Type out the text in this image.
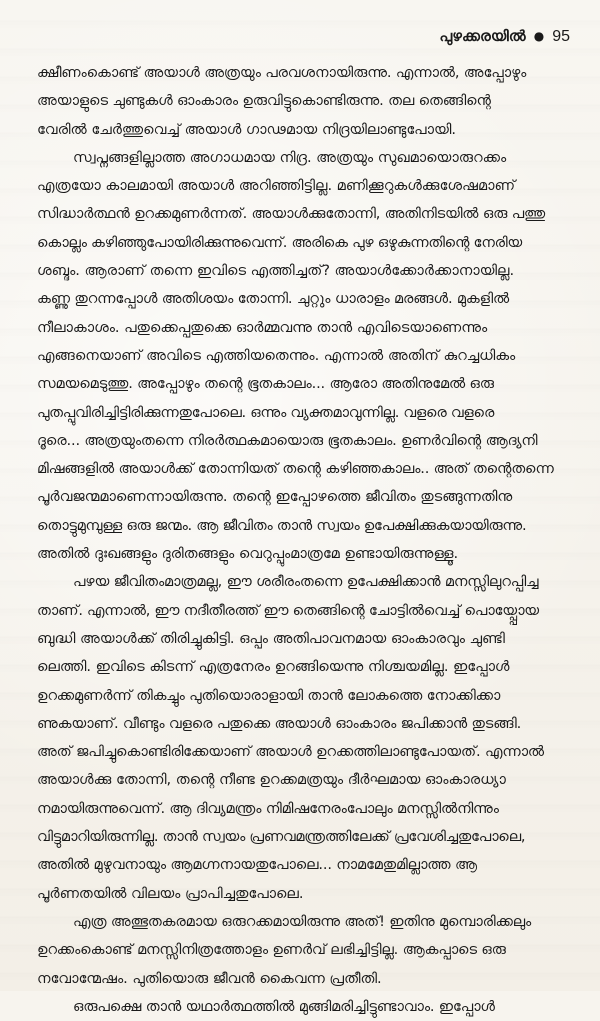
പുഴക്കരയിൽ ● 95
ക്ഷീണംകൊണ്ട് അയാൾ അത്രയും പരവശനായിരുന്നു. എന്നാൽ, അപ്പോഴും
അയാളുടെ ചുണ്ടുകൾ ഓംകാരം ഉരുവിട്ടുകൊണ്ടിരുന്നു. തല തെങ്ങിന്റെ
വേരിൽ ചേർത്തുവെച്ച് അയാൾ ഗാഢമായ നിദ്രയിലാണ്ടുപോയി.
സ്വപ്നങ്ങളില്ലാത്ത അഗാധമായ നിദ്ര. അത്രയും സുഖമായൊരുറക്കം
എത്രയോ കാലമായി അയാൾ അറിഞ്ഞിട്ടില്ല. മണിക്കൂറുകൾക്കുശേഷമാണ്
സിദ്ധാർത്ഥൻ ഉറക്കമുണർന്നത്. അയാൾക്കുതോന്നി, അതിനിടയിൽ ഒരു പത്തു
കൊല്ലം കഴിഞ്ഞുപോയിരിക്കുന്നുവെന്ന്. അരികെ പുഴ ഒഴുകുന്നതിന്റെ നേരിയ
ശബ്ദം. ആരാണ് തന്നെ ഇവിടെ എത്തിച്ചത്? അയാൾക്കോർക്കാനായില്ല.
കണ്ണു തുറന്നപ്പോൾ അതിശയം തോന്നി. ചുറ്റും ധാരാളം മരങ്ങൾ. മുകളിൽ
നീലാകാശം. പതുക്കെപ്പതുക്കെ ഓർമ്മവന്നു താൻ എവിടെയാണെന്നും
എങ്ങനെയാണ് അവിടെ എത്തിയതെന്നും. എന്നാൽ അതിന് കുറച്ചധികം
സമയമെടുത്തു. അപ്പോഴും തന്റെ ഭൂതകാലം... ആരോ അതിനുമേൽ ഒരു
പുതപ്പുവിരിച്ചിട്ടിരിക്കുന്നതുപോലെ. ഒന്നും വ്യക്തമാവുന്നില്ല. വളരെ വളരെ
ദൂരെ... അത്രയുംതന്നെ നിരർത്ഥകമായൊരു ഭൂതകാലം. ഉണർവിന്റെ ആദ്യനി
മിഷങ്ങളിൽ അയാൾക്ക് തോന്നിയത് തന്റെ കഴിഞ്ഞകാലം.. അത് തന്റെതന്നെ
പൂർവജന്മമാണെന്നായിരുന്നു. തന്റെ ഇപ്പോഴത്തെ ജീവിതം തുടങ്ങുന്നതിനു
തൊട്ടുമുമ്പുള്ള ഒരു ജന്മം. ആ ജീവിതം താൻ സ്വയം ഉപേക്ഷിക്കുകയായിരുന്നു.
അതിൽ ദുഃഖങ്ങളും ദുരിതങ്ങളും വെറുപ്പുംമാത്രമേ ഉണ്ടായിരുന്നുള്ളൂ.
പഴയ ജീവിതംമാത്രമല്ല, ഈ ശരീരംതന്നെ ഉപേക്ഷിക്കാൻ മനസ്സിലുറപ്പിച്ച
താണ്. എന്നാൽ, ഈ നദീതീരത്ത് ഈ തെങ്ങിന്റെ ചോട്ടിൽവെച്ച് പൊയ്പ്പോയ
ബുദ്ധി അയാൾക്ക് തിരിച്ചുകിട്ടി. ഒപ്പം അതിപാവനമായ ഓംകാരവും ചുണ്ടി
ലെത്തി. ഇവിടെ കിടന്ന് എത്രനേരം ഉറങ്ങിയെന്നു നിശ്ചയമില്ല. ഇപ്പോൾ
ഉറക്കമുണർന്ന് തികച്ചും പുതിയൊരാളായി താൻ ലോകത്തെ നോക്കിക്കാ
ണുകയാണ്. വീണ്ടും വളരെ പതുക്കെ അയാൾ ഓംകാരം ജപിക്കാൻ തുടങ്ങി.
അത് ജപിച്ചുകൊണ്ടിരിക്കേയാണ് അയാൾ ഉറക്കത്തിലാണ്ടുപോയത്. എന്നാൽ
അയാൾക്കു തോന്നി, തന്റെ നീണ്ട ഉറക്കമത്രയും ദീർഘമായ ഓംകാരധ്യാ
നമായിരുന്നുവെന്ന്. ആ ദിവ്യമന്ത്രം നിമിഷനേരംപോലും മനസ്സിൽനിന്നും
വിട്ടുമാറിയിരുന്നില്ല. താൻ സ്വയം പ്രണവമന്ത്രത്തിലേക്ക് പ്രവേശിച്ചതുപോലെ,
അതിൽ മുഴുവനായും ആമഗ്നനായതുപോലെ... നാമമേതുമില്ലാത്ത ആ
പൂർണതയിൽ വിലയം പ്രാപിച്ചതുപോലെ.
എത്ര അത്ഭുതകരമായ ഒരുറക്കമായിരുന്നു അത്! ഇതിനു മുമ്പൊരിക്കലും
ഉറക്കംകൊണ്ട് മനസ്സിനിത്രത്തോളം ഉണർവ് ലഭിച്ചിട്ടില്ല. ആകപ്പാടെ ഒരു
നവോന്മേഷം. പുതിയൊരു ജീവൻ കൈവന്ന പ്രതീതി.
ഒരുപക്ഷെ താൻ യഥാർത്ഥത്തിൽ മുങ്ങിമരിച്ചിട്ടുണ്ടാവാം. ഇപ്പോൾ
